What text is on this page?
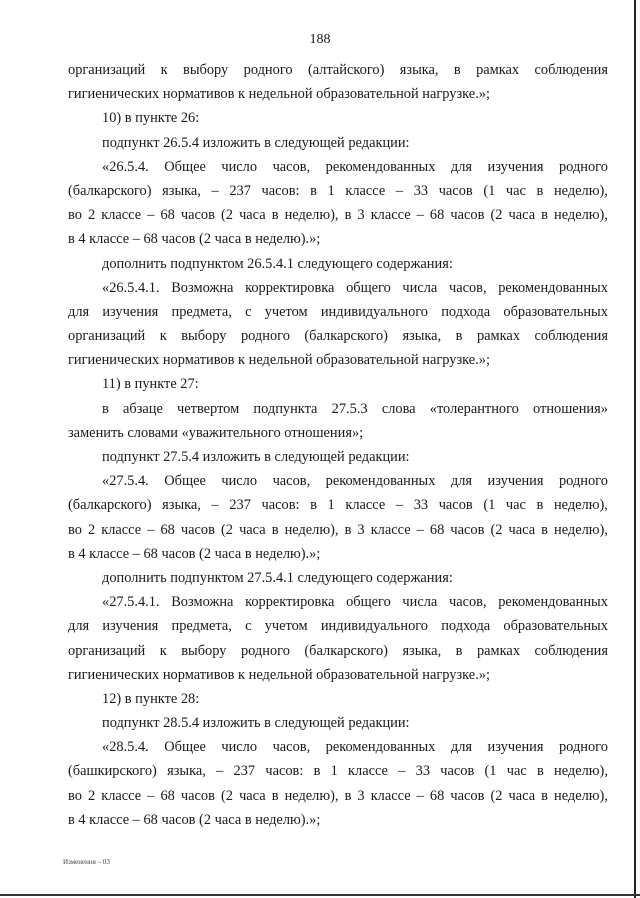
188
организаций к выбору родного (алтайского) языка, в рамках соблюдения
гигиенических нормативов к недельной образовательной нагрузке.»;
10) в пункте 26:
подпункт 26.5.4 изложить в следующей редакции:
«26.5.4. Общее число часов, рекомендованных для изучения родного
(балкарского) языка, – 237 часов: в 1 классе – 33 часов (1 час в неделю),
во 2 классе – 68 часов (2 часа в неделю), в 3 классе – 68 часов (2 часа в неделю),
в 4 классе – 68 часов (2 часа в неделю).»;
дополнить подпунктом 26.5.4.1 следующего содержания:
«26.5.4.1. Возможна корректировка общего числа часов, рекомендованных
для изучения предмета, с учетом индивидуального подхода образовательных
организаций к выбору родного (балкарского) языка, в рамках соблюдения
гигиенических нормативов к недельной образовательной нагрузке.»;
11) в пункте 27:
в абзаце четвертом подпункта 27.5.3 слова «толерантного отношения»
заменить словами «уважительного отношения»;
подпункт 27.5.4 изложить в следующей редакции:
«27.5.4. Общее число часов, рекомендованных для изучения родного
(балкарского) языка, – 237 часов: в 1 классе – 33 часов (1 час в неделю),
во 2 классе – 68 часов (2 часа в неделю), в 3 классе – 68 часов (2 часа в неделю),
в 4 классе – 68 часов (2 часа в неделю).»;
дополнить подпунктом 27.5.4.1 следующего содержания:
«27.5.4.1. Возможна корректировка общего числа часов, рекомендованных
для изучения предмета, с учетом индивидуального подхода образовательных
организаций к выбору родного (балкарского) языка, в рамках соблюдения
гигиенических нормативов к недельной образовательной нагрузке.»;
12) в пункте 28:
подпункт 28.5.4 изложить в следующей редакции:
«28.5.4. Общее число часов, рекомендованных для изучения родного
(башкирского) языка, – 237 часов: в 1 классе – 33 часов (1 час в неделю),
во 2 классе – 68 часов (2 часа в неделю), в 3 классе – 68 часов (2 часа в неделю),
в 4 классе – 68 часов (2 часа в неделю).»;
Изменения – 03
